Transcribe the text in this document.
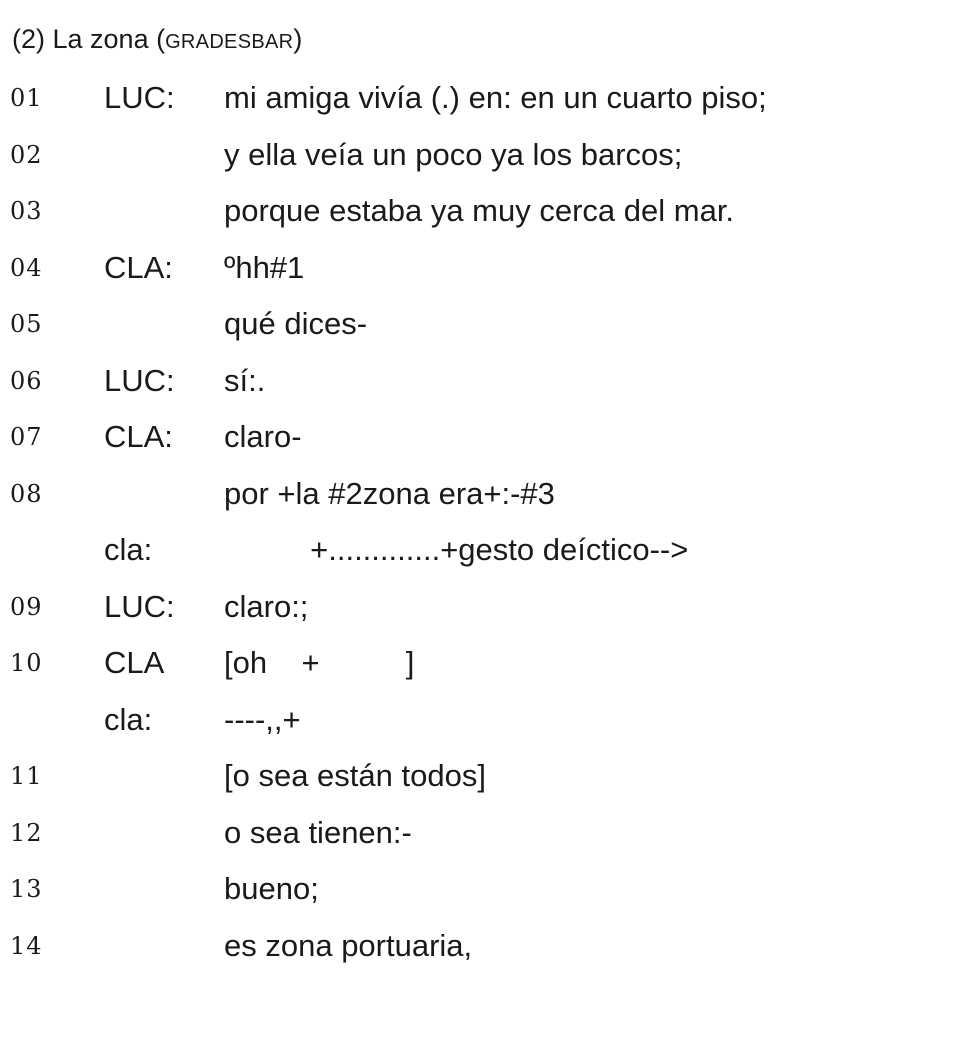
(2) La zona (GRADESBAR)
01 LUC: mi amiga vivía (.) en: en un cuarto piso;
02	y ella veía un poco ya los barcos;
03	porque estaba ya muy cerca del mar.
04 CLA: ºhh#1
05	qué dices-
06 LUC: sí:.
07 CLA: claro-
08	por +la #2zona era+:-#3
cla: +.............+gesto deíctico-->
09 LUC: claro:;
10 CLA [oh    +          ]
cla: ----,,+
11	[o sea están todos]
12	o sea tienen:-
13	bueno;
14	es zona portuaria,
